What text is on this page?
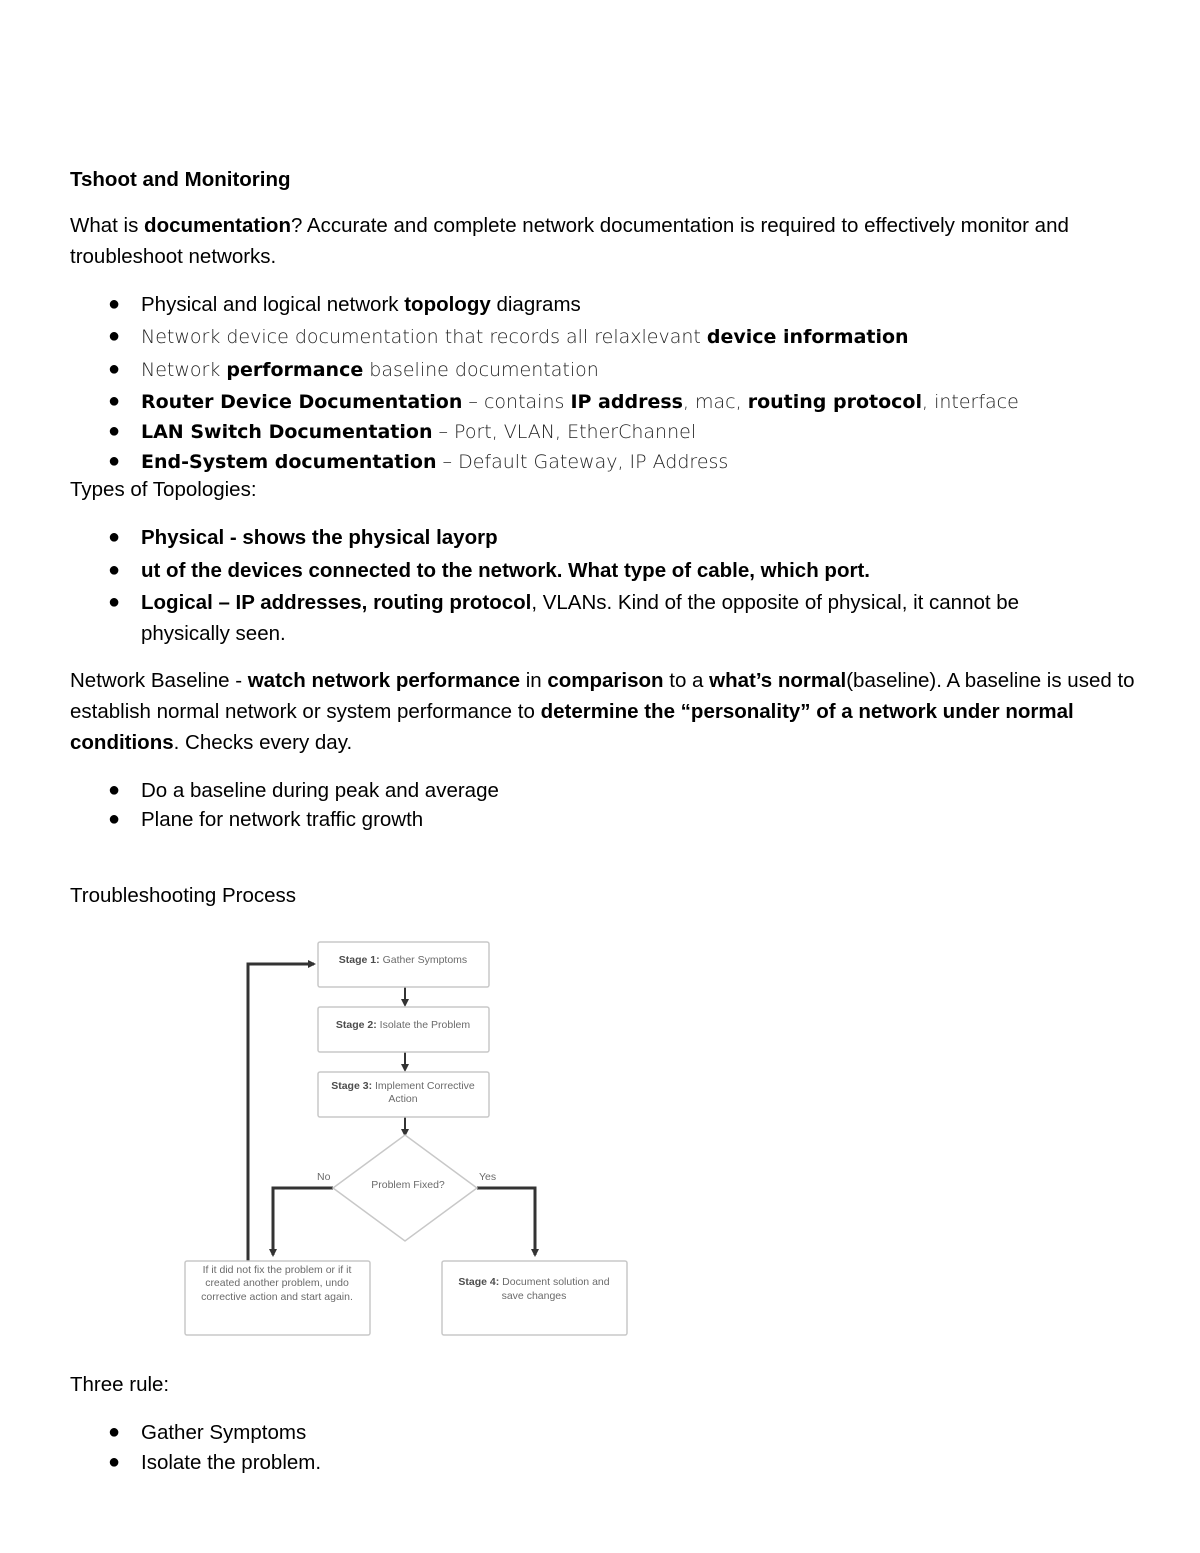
Tshoot and Monitoring

What is documentation? Accurate and complete network documentation is required to effectively monitor and troubleshoot networks.

● Physical and logical network topology diagrams

● Network device documentation that records all relaxlevant device information

● Network performance baseline documentation

● Router Device Documentation – contains IP address, mac, routing protocol, interface

● LAN Switch Documentation – Port, VLAN, EtherChannel

● End-System documentation – Default Gateway, IP Address

Types of Topologies:

● Physical - shows the physical layorp

● ut of the devices connected to the network. What type of cable, which port.

● Logical – IP addresses, routing protocol, VLANs. Kind of the opposite of physical, it cannot be physically seen.

Network Baseline - watch network performance in comparison to a what’s normal(baseline). A baseline is used to establish normal network or system performance to determine the “personality” of a network under normal conditions. Checks every day.

● Do a baseline during peak and average

● Plane for network traffic growth

Troubleshooting Process

Stage 1: Gather Symptoms
Stage 2: Isolate the Problem
Stage 3: Implement Corrective
Action
Problem Fixed?
No	Yes
If it did not fix the problem or if it
created another problem, undo
corrective action and start again.
Stage 4: Document solution and
save changes

Three rule:

● Gather Symptoms

● Isolate the problem.
